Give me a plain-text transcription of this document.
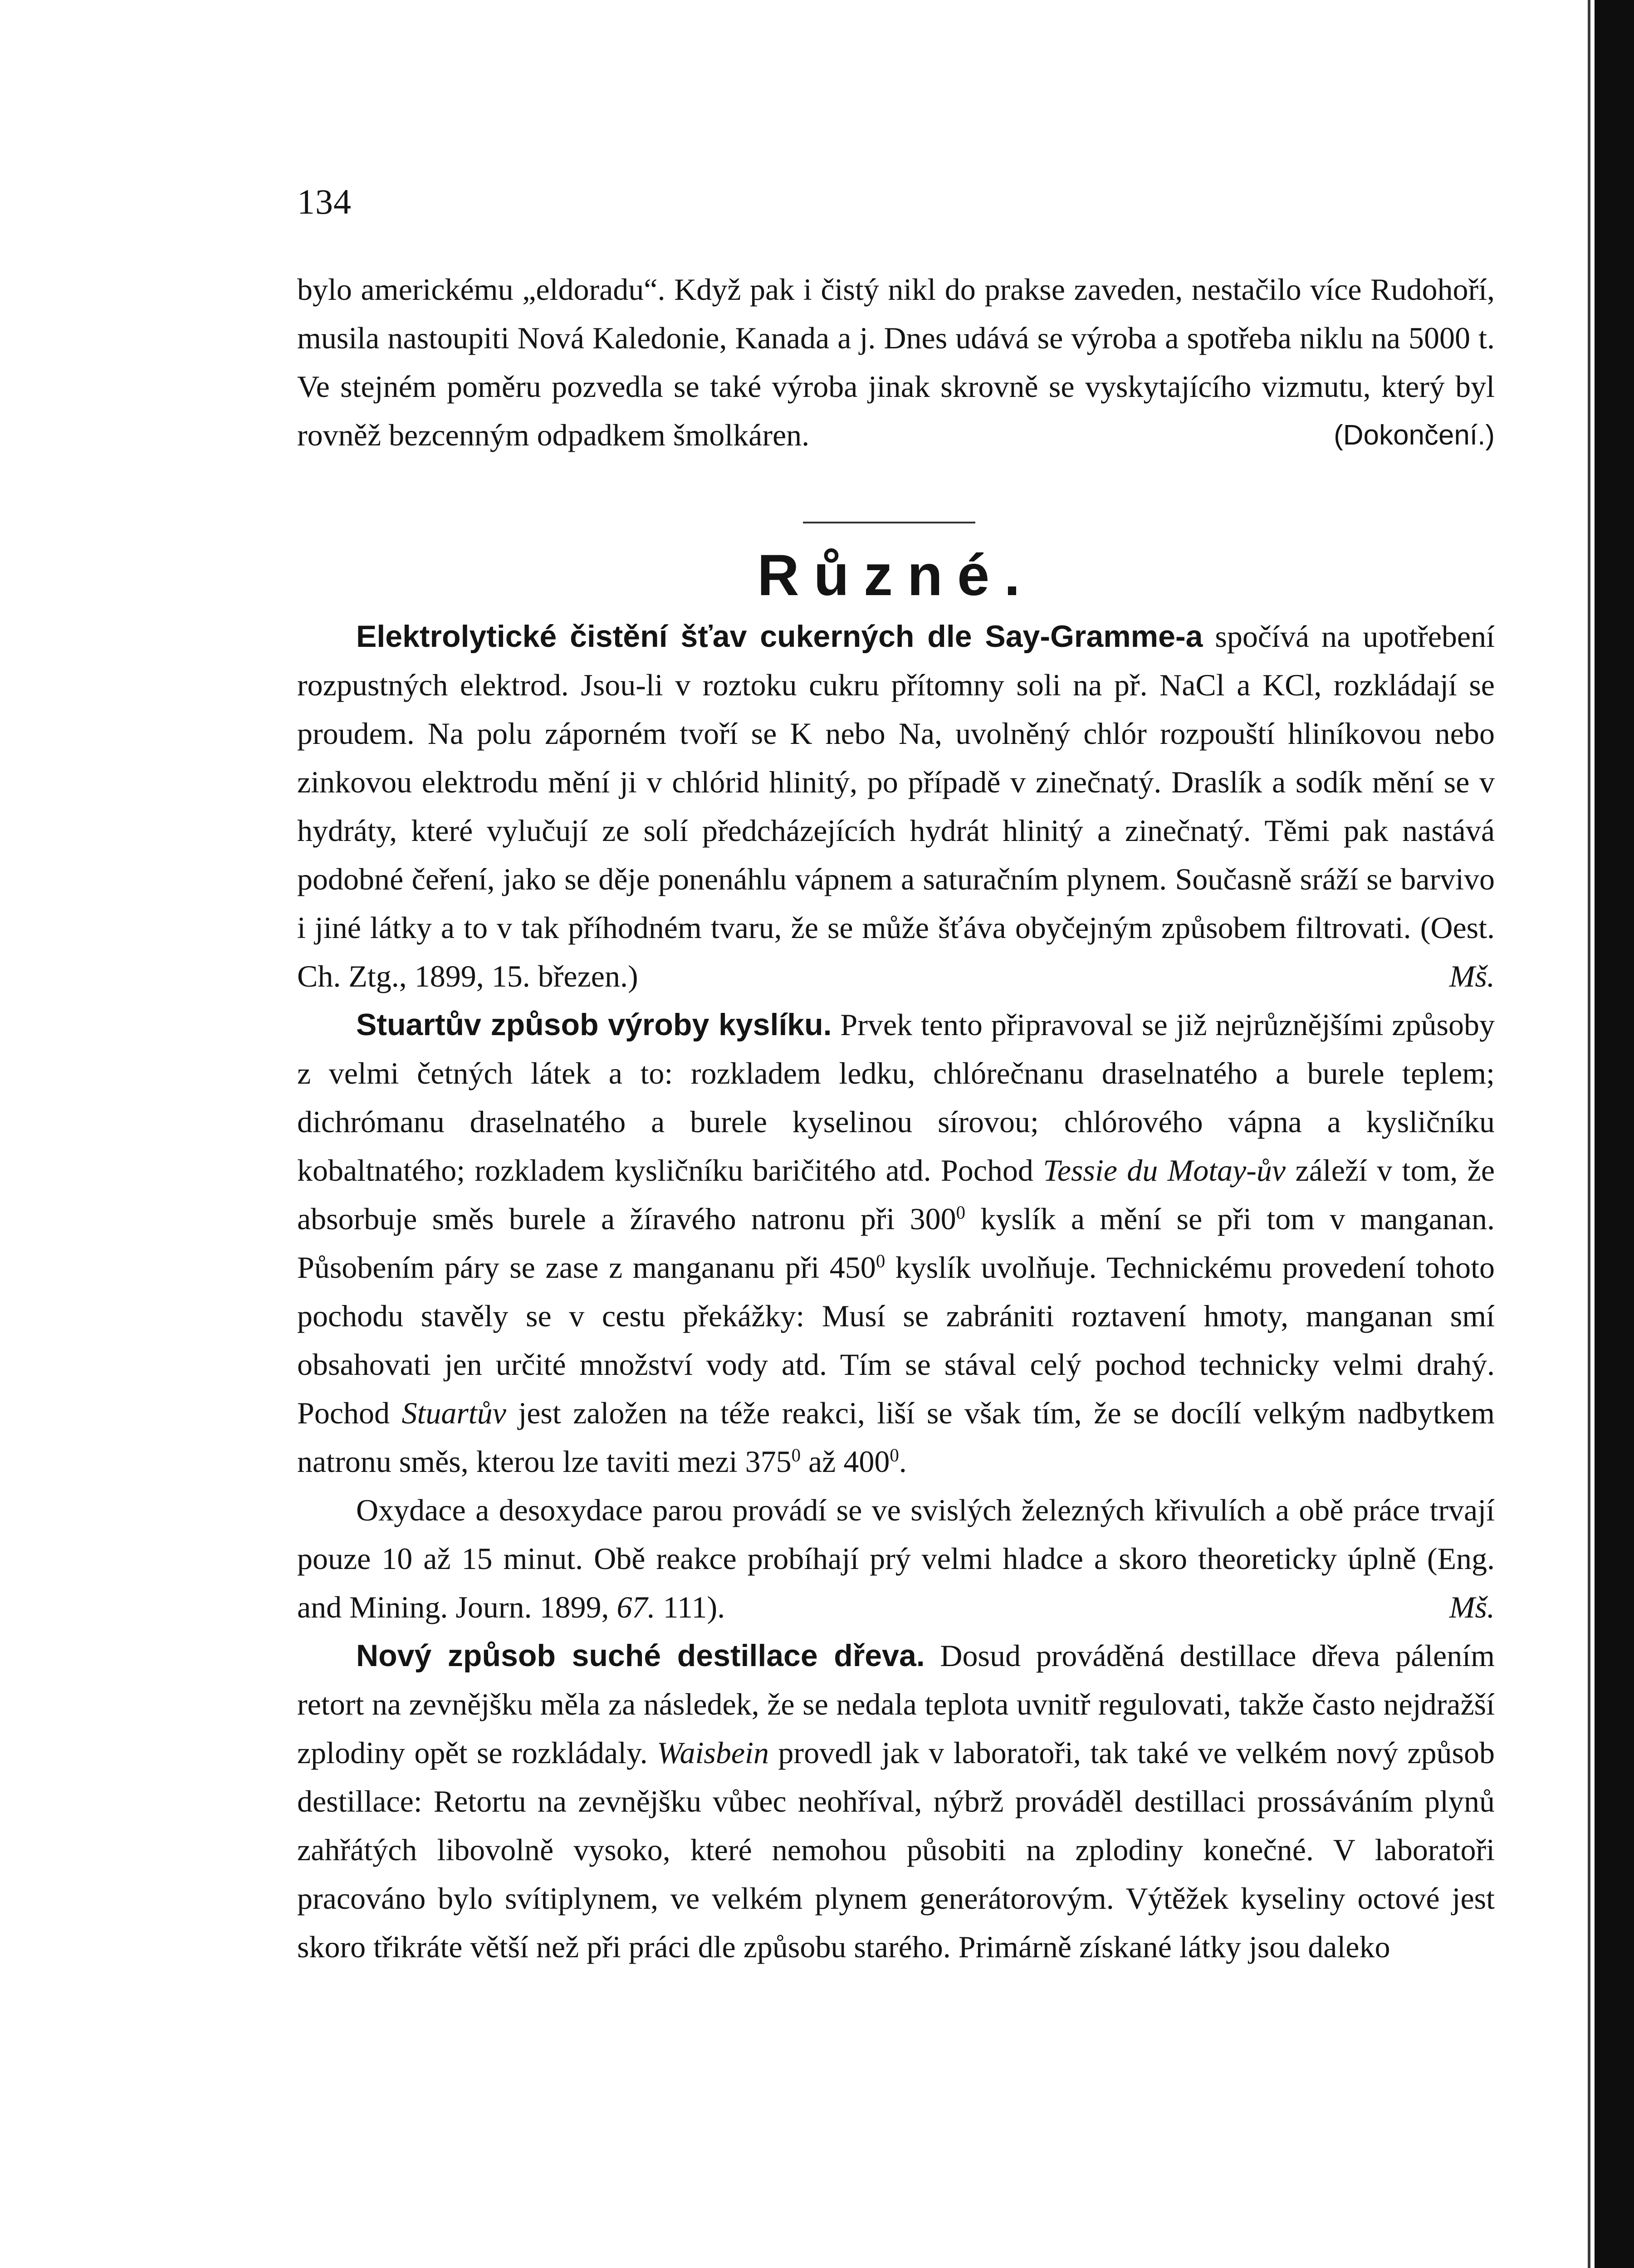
134

bylo americkému „eldoradu“. Když pak i čistý nikl do prakse zaveden, nestačilo více Rudohoří, musila nastoupiti Nová Kaledonie, Kanada a j. Dnes udává se výroba a spotřeba niklu na 5000 t. Ve stejném poměru pozvedla se také výroba jinak skrovně se vyskytajícího vizmutu, který byl rovněž bezcenným odpadkem šmolkáren.	(Dokončení.)

Různé.

Elektrolytické čistění šťav cukerných dle Say-Gramme-a spočívá na upotřebení rozpustných elektrod. Jsou-li v roztoku cukru přítomny soli na př. NaCl a KCl, rozkládají se proudem. Na polu záporném tvoří se K nebo Na, uvolněný chlór rozpouští hliníkovou nebo zinkovou elektrodu mění ji v chlórid hlinitý, po případě v zinečnatý. Draslík a sodík mění se v hydráty, které vylučují ze solí předcházejících hydrát hlinitý a zinečnatý. Těmi pak nastává podobné čeření, jako se děje ponenáhlu vápnem a saturačním plynem. Současně sráží se barvivo i jiné látky a to v tak příhodném tvaru, že se může šťáva obyčejným způsobem filtrovati. (Oest. Ch. Ztg., 1899, 15. březen.)	Mš.

Stuartův způsob výroby kyslíku. Prvek tento připravoval se již nejrůznějšími způsoby z velmi četných látek a to: rozkladem ledku, chlórečnanu draselnatého a burele teplem; dichrómanu draselnatého a burele kyselinou sírovou; chlórového vápna a kysličníku kobaltnatého; rozkladem kysličníku baričitého atd. Pochod Tessie du Motay-ův záleží v tom, že absorbuje směs burele a žíravého natronu při $300^0$ kyslík a mění se při tom v manganan. Působením páry se zase z mangananu při $450^0$ kyslík uvolňuje. Technickému provedení tohoto pochodu stavěly se v cestu překážky: Musí se zabrániti roztavení hmoty, manganan smí obsahovati jen určité množství vody atd. Tím se stával celý pochod technicky velmi drahý. Pochod Stuartův jest založen na téže reakci, liší se však tím, že se docílí velkým nadbytkem natronu směs, kterou lze taviti mezi $375^0$ až $400^0$.

Oxydace a desoxydace parou provádí se ve svislých železných křivulích a obě práce trvají pouze 10 až 15 minut. Obě reakce probíhají prý velmi hladce a skoro theoreticky úplně (Eng. and Mining. Journ. 1899, 67. 111).	Mš.

Nový způsob suché destillace dřeva. Dosud prováděná destillace dřeva pálením retort na zevnějšku měla za následek, že se nedala teplota uvnitř regulovati, takže často nejdražší zplodiny opět se rozkládaly. Waisbein provedl jak v laboratoři, tak také ve velkém nový způsob destillace: Retortu na zevnějšku vůbec neohříval, nýbrž prováděl destillaci prossáváním plynů zahřátých libovolně vysoko, které nemohou působiti na zplodiny konečné. V laboratoři pracováno bylo svítiplynem, ve velkém plynem generátorovým. Výtěžek kyseliny octové jest skoro třikráte větší než při práci dle způsobu starého. Primárně získané látky jsou daleko
